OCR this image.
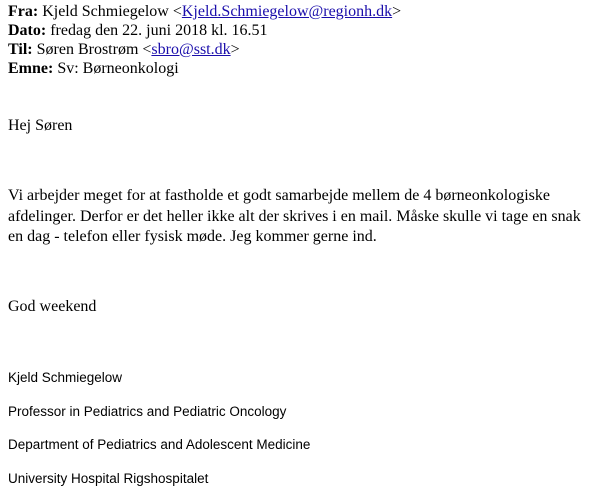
Fra: Kjeld Schmiegelow <Kjeld.Schmiegelow@regionh.dk>
Dato: fredag den 22. juni 2018 kl. 16.51
Til: Søren Brostrøm <sbro@sst.dk>
Emne: Sv: Børneonkologi

Hej Søren

Vi arbejder meget for at fastholde et godt samarbejde mellem de 4 børneonkologiske afdelinger. Derfor er det heller ikke alt der skrives i en mail. Måske skulle vi tage en snak en dag - telefon eller fysisk møde. Jeg kommer gerne ind.

God weekend

Kjeld Schmiegelow

Professor in Pediatrics and Pediatric Oncology

Department of Pediatrics and Adolescent Medicine

University Hospital Rigshospitalet
